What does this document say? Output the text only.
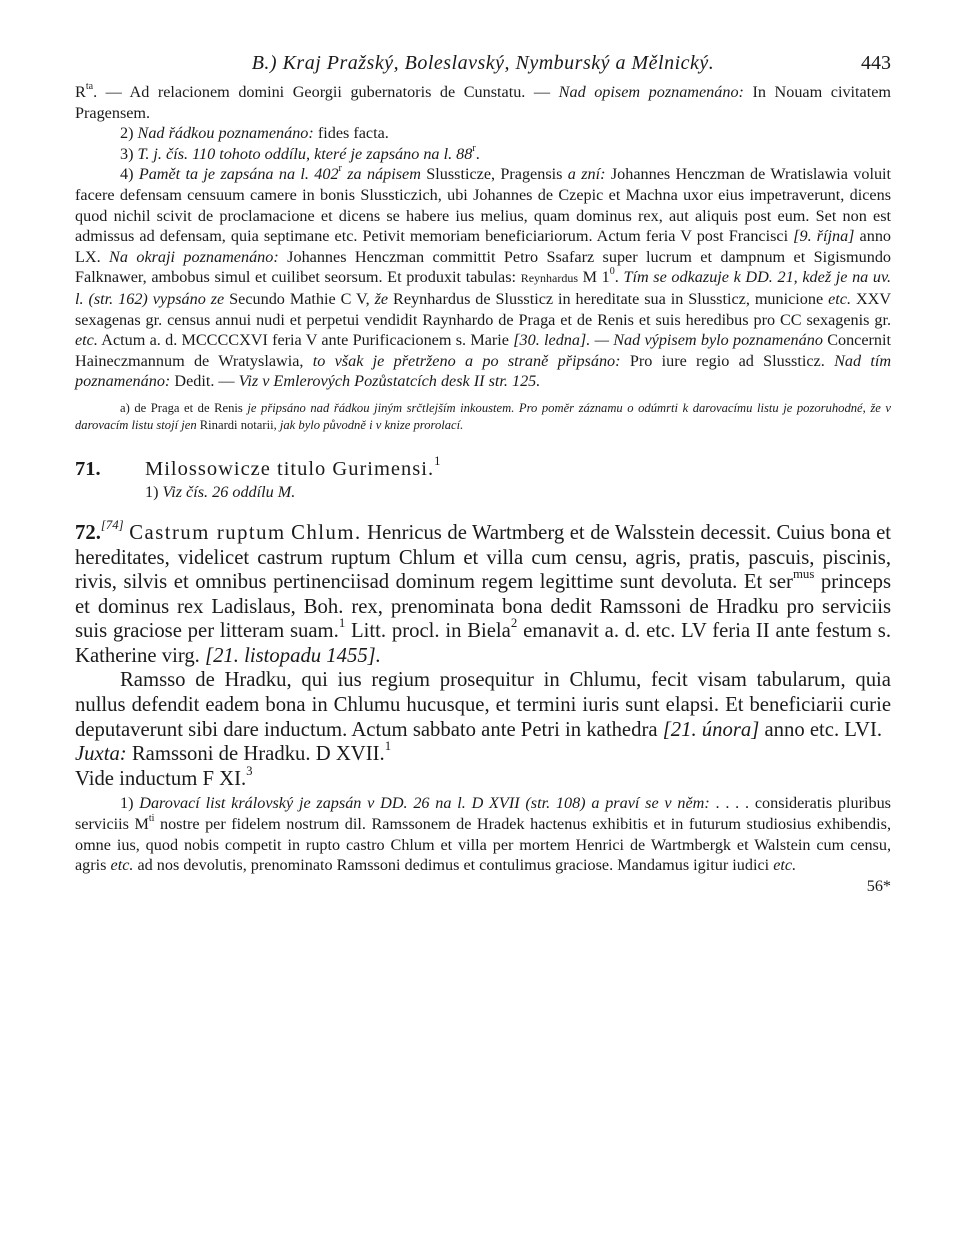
B.) Kraj Pražský, Boleslavský, Nymburský a Mělnický.	443

$R^{ta}$. — Ad relacionem domini Georgii gubernatoris de Cunstatu. — Nad opisem poznamenáno: In Nouam civitatem Pragensem.

2) Nad řádkou poznamenáno: fides facta.

3) T. j. čís. 110 tohoto oddílu, které je zapsáno na l. 88$^r$.

4) Pamět ta je zapsána na l. 402$^r$ za nápisem Slussticze, Pragensis a zní: Johannes Henczman de Wratislawia voluit facere defensam censuum camere in bonis Slussticzich, ubi Johannes de Czepic et Machna uxor eius impetraverunt, dicens quod nichil scivit de proclamacione et dicens se habere ius melius, quam dominus rex, aut aliquis post eum. Set non est admissus ad defensam, quia septimane etc. Petivit memoriam beneficiariorum. Actum feria V post Francisci [9. října] anno LX. Na okraji poznamenáno: Johannes Henczman committit Petro Ssafarz super lucrum et dampnum et Sigismundo Falknawer, ambobus simul et cuilibet seorsum. Et produxit tabulas: Reynhardus M $1^0$. Tím se odkazuje k DD. 21, kdež je na uv. l. (str. 162) vypsáno ze Secundo Mathie C V, že Reynhardus de Slussticz in hereditate sua in Slussticz, municione etc. XXV sexagenas gr. census annui nudi et perpetui vendidit Raynhardo de Praga et de Renis et suis heredibus pro CC sexagenis gr. etc. Actum a. d. MCCCCXVI feria V ante Purificacionem s. Marie [30. ledna]. — Nad výpisem bylo poznamenáno Concernit Haineczmannum de Wratyslawia, to však je přetrženo a po straně připsáno: Pro iure regio ad Slussticz. Nad tím poznamenáno: Dedit. — Viz v Emlerových Pozůstatcích desk II str. 125.

a) de Praga et de Renis je připsáno nad řádkou jiným srčtlejším inkoustem. Pro poměr záznamu o odúmrti k darovacímu listu je pozoruhodné, že v darovacím listu stojí jen Rinardi notarii, jak bylo původně i v knize prorolací.

71. Milossowicze titulo Gurimensi.$^1$
1) Viz čís. 26 oddílu M.

72.[74] Castrum ruptum Chlum. Henricus de Wartmberg et de Walsstein decessit. Cuius bona et hereditates, videlicet castrum ruptum Chlum et villa cum censu, agris, pratis, pascuis, piscinis, rivis, silvis et omnibus pertinenciisad dominum regem legittime sunt devoluta. Et ser$^{mus}$ princeps et dominus rex Ladislaus, Boh. rex, prenominata bona dedit Ramssoni de Hradku pro serviciis suis graciose per litteram suam.$^1$ Litt. procl. in Biela$^2$ emanavit a. d. etc. LV feria II ante festum s. Katherine virg. [21. listopadu 1455].

Ramsso de Hradku, qui ius regium prosequitur in Chlumu, fecit visam tabularum, quia nullus defendit eadem bona in Chlumu hucusque, et termini iuris sunt elapsi. Et beneficiarii curie deputaverunt sibi dare inductum. Actum sabbato ante Petri in kathedra [21. února] anno etc. LVI.

Juxta: Ramssoni de Hradku. D XVII.$^1$

Vide inductum F XI.$^3$

1) Darovací list královský je zapsán v DD. 26 na l. D XVII (str. 108) a praví se v něm: . . . . consideratis pluribus serviciis $M^{ti}$ nostre per fidelem nostrum dil. Ramssonem de Hradek hactenus exhibitis et in futurum studiosius exhibendis, omne ius, quod nobis competit in rupto castro Chlum et villa per mortem Henrici de Wartmbergk et Walstein cum censu, agris etc. ad nos devolutis, prenominato Ramssoni dedimus et contulimus graciose. Mandamus igitur iudici etc.

56*
